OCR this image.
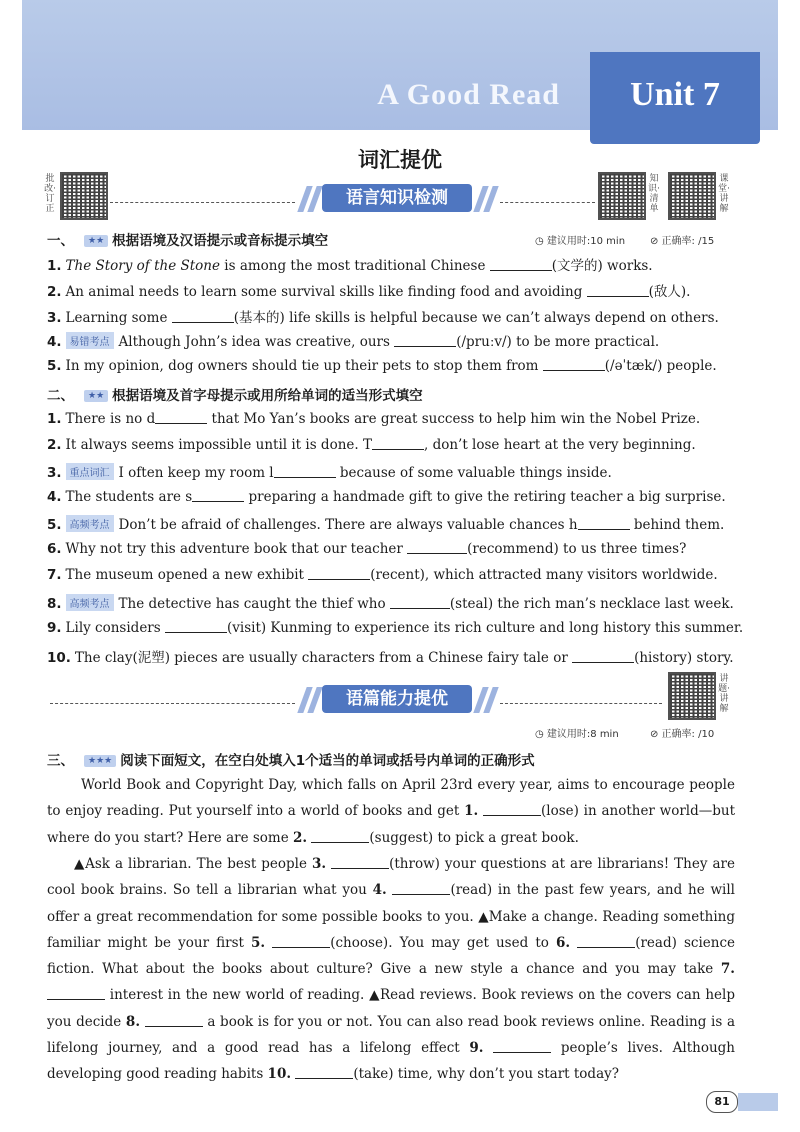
A Good Read	Unit 7
词汇提优
批改·订正
知识·清单
课堂·讲解
语言知识检测
一、 ★★ 根据语境及汉语提示或音标提示填空	◷ 建议用时:10 min ⊘ 正确率: /15
1. The Story of the Stone is among the most traditional Chinese	(文学的) works.
2. An animal needs to learn some survival skills like finding food and avoiding	(敌人).
3. Learning some	(基本的) life skills is helpful because we can’t always depend on others.
4. 易错考点 Although John’s idea was creative, ours	(/pruːv/) to be more practical.
5. In my opinion, dog owners should tie up their pets to stop them from	(/əˈtæk/) people.
二、 ★★ 根据语境及首字母提示或用所给单词的适当形式填空
1. There is no d	that Mo Yan’s books are great success to help him win the Nobel Prize.
2. It always seems impossible until it is done. T	, don’t lose heart at the very beginning.
3. 重点词汇 I often keep my room l	because of some valuable things inside.
4. The students are s	preparing a handmade gift to give the retiring teacher a big surprise.
5. 高频考点 Don’t be afraid of challenges. There are always valuable chances h	behind them.
6. Why not try this adventure book that our teacher	(recommend) to us three times?
7. The museum opened a new exhibit	(recent), which attracted many visitors worldwide.
8. 高频考点 The detective has caught the thief who	(steal) the rich man’s necklace last week.
9. Lily considers	(visit) Kunming to experience its rich culture and long history this summer.
10. The clay(泥塑) pieces are usually characters from a Chinese fairy tale or	(history) story.
语篇能力提优
讲题·讲解
◷ 建议用时:8 min	⊘ 正确率: /10
三、 ★★★ 阅读下面短文，在空白处填入1个适当的单词或括号内单词的正确形式
World Book and Copyright Day, which falls on April 23rd every year, aims to encourage people to enjoy reading. Put yourself into a world of books and get 1.	(lose) in another world—but where do you start? Here are some 2.	(suggest) to pick a great book.
▲Ask a librarian. The best people 3.	(throw) your questions at are librarians! They are cool book brains. So tell a librarian what you 4.	(read) in the past few years, and he will offer a great recommendation for some possible books to you. ▲Make a change. Reading something familiar might be your first 5.	(choose). You may get used to 6.	(read) science fiction. What about the books about culture? Give a new style a chance and you may take 7.  interest in the new world of reading. ▲Read reviews. Book reviews on the covers can help you decide 8.	a book is for you or not. You can also read book reviews online. Reading is a lifelong journey, and a good read has a lifelong effect 9.	people’s lives. Although developing good reading habits 10.	(take) time, why don’t you start today?
81
